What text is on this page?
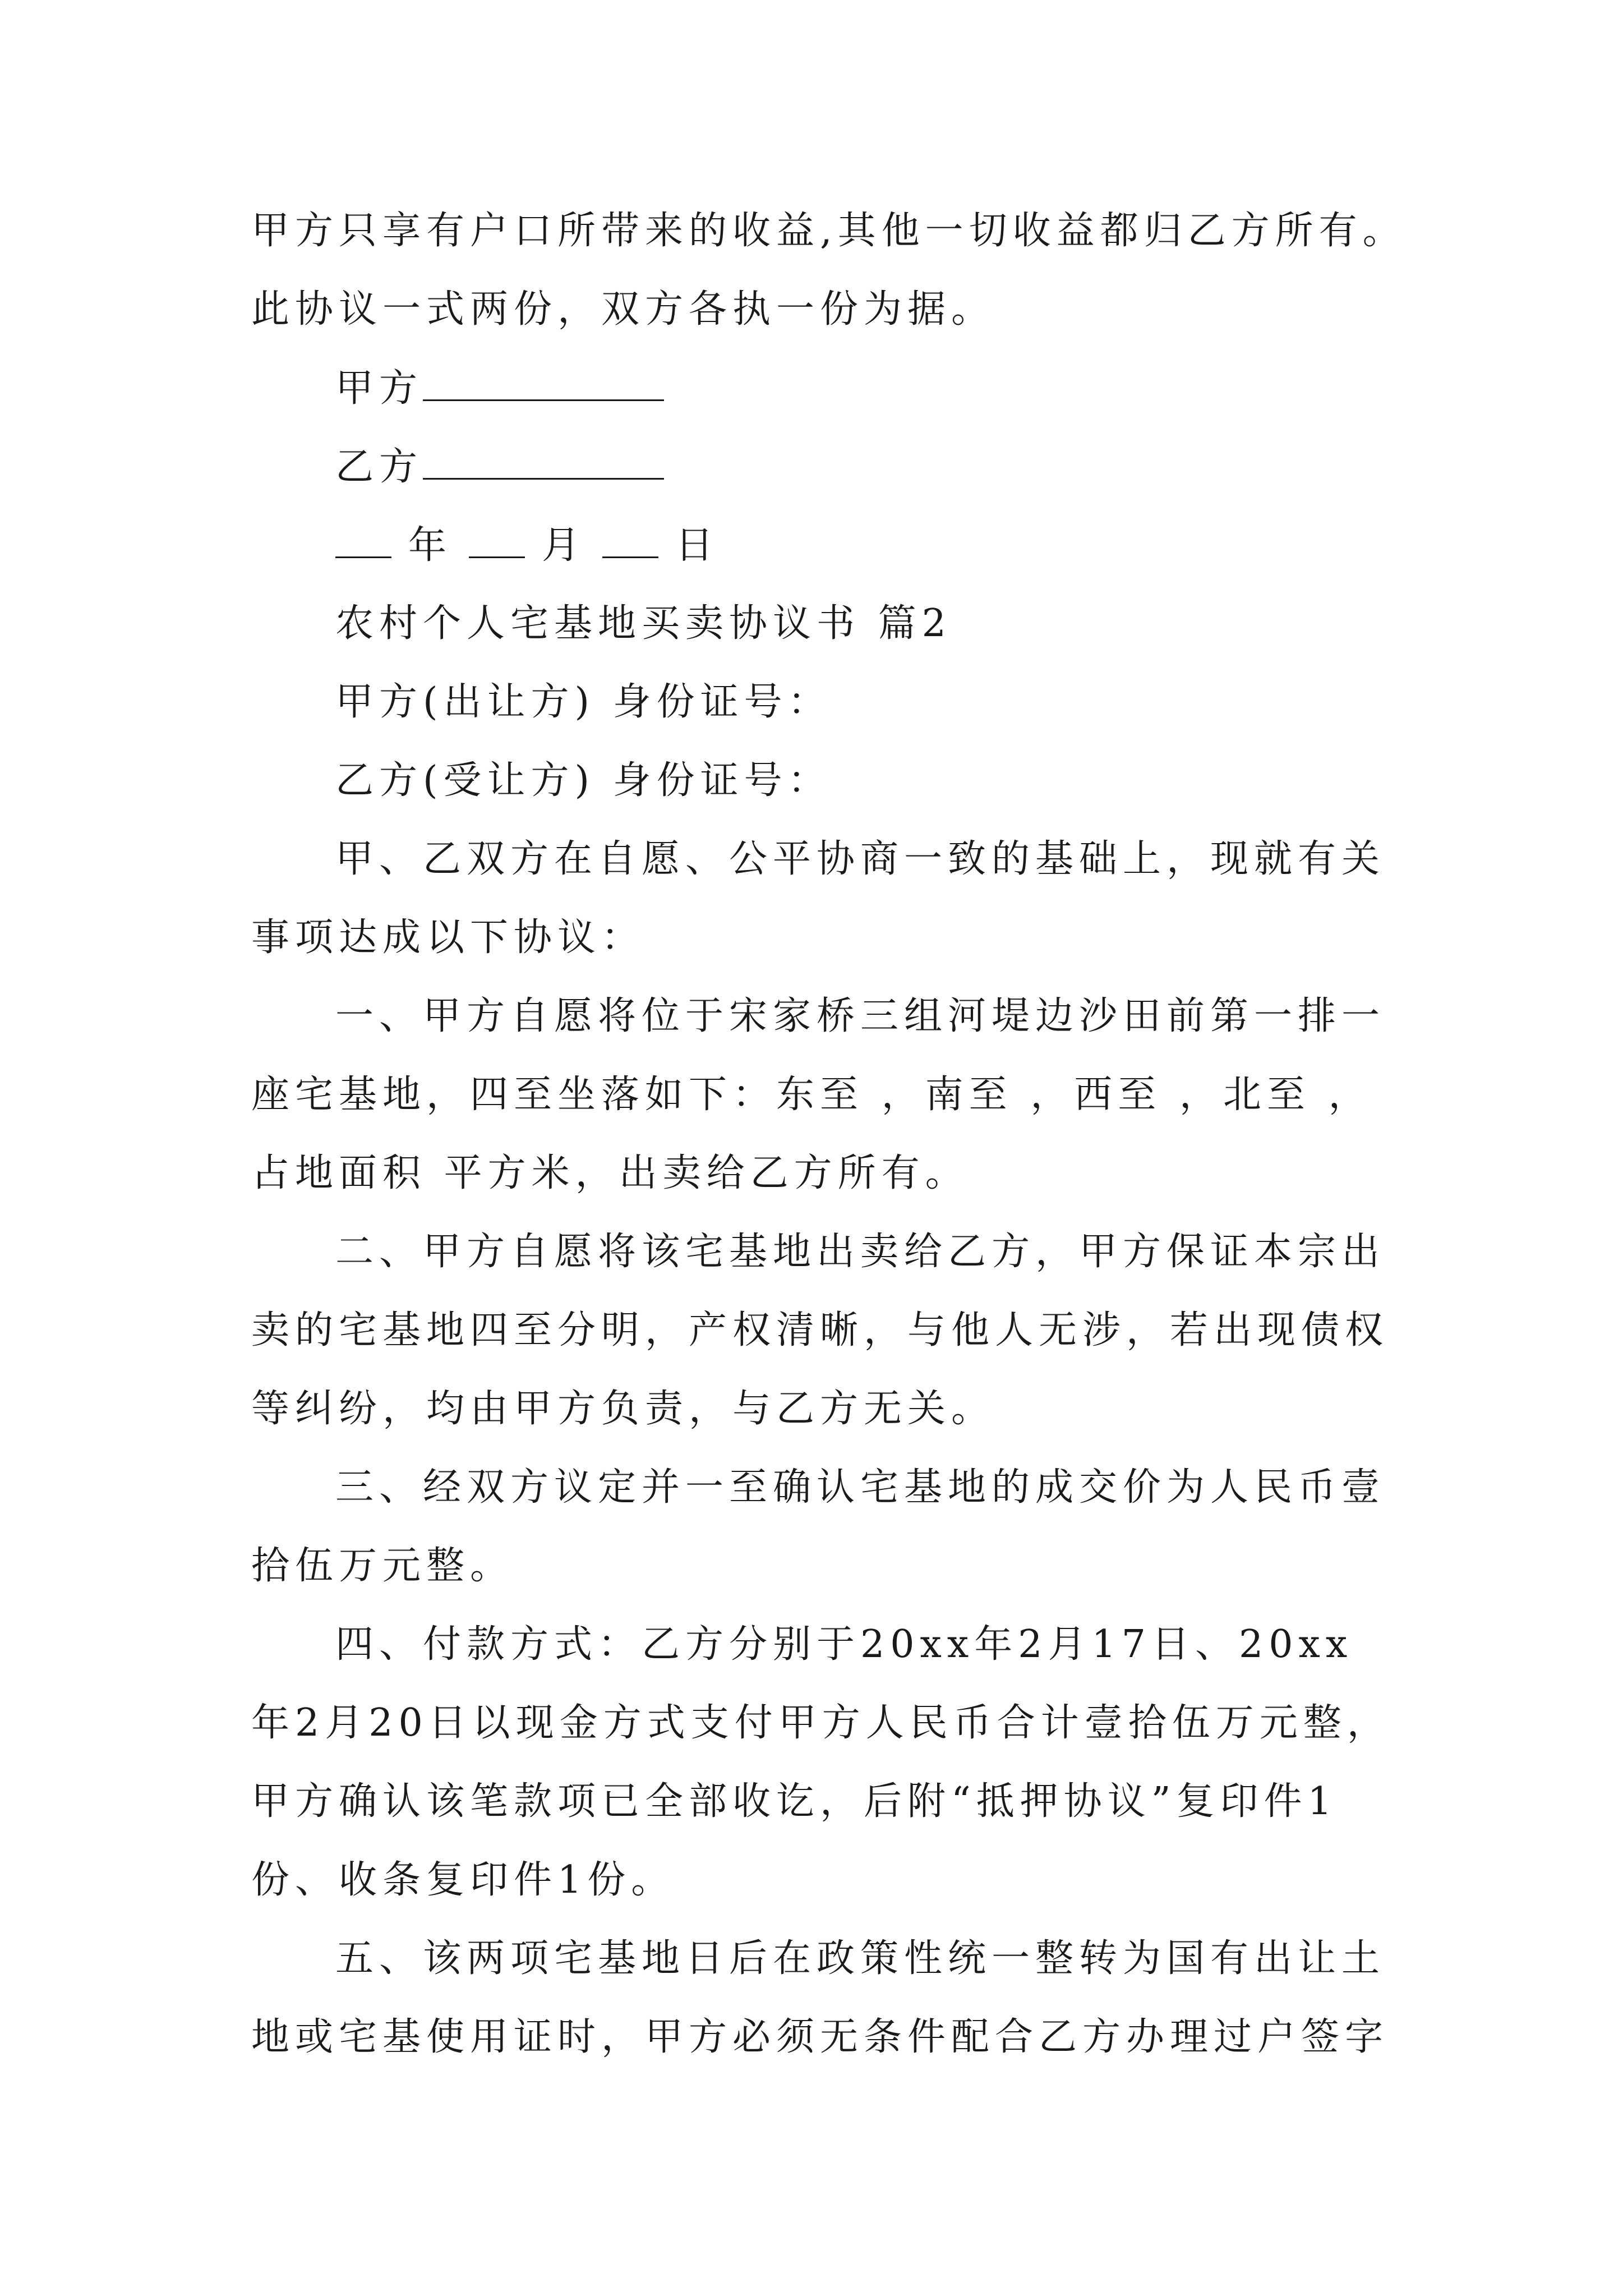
甲方只享有户口所带来的收益,其他一切收益都归乙方所有。
此协议一式两份，双方各执一份为据。
甲方
乙方
年 月 日
农村个人宅基地买卖协议书 篇2
甲方(出让方) 身份证号：
乙方(受让方) 身份证号：
甲、乙双方在自愿、公平协商一致的基础上，现就有关
事项达成以下协议：
一、甲方自愿将位于宋家桥三组河堤边沙田前第一排一
座宅基地，四至坐落如下：东至 ，南至 ，西至 ，北至 ，
占地面积 平方米，出卖给乙方所有。
二、甲方自愿将该宅基地出卖给乙方，甲方保证本宗出
卖的宅基地四至分明，产权清晰，与他人无涉，若出现债权
等纠纷，均由甲方负责，与乙方无关。
三、经双方议定并一至确认宅基地的成交价为人民币壹
拾伍万元整。
四、付款方式：乙方分别于20xx年2月17日、20xx
年2月20日以现金方式支付甲方人民币合计壹拾伍万元整，
甲方确认该笔款项已全部收讫，后附“抵押协议”复印件1
份、收条复印件1份。
五、该两项宅基地日后在政策性统一整转为国有出让土
地或宅基使用证时，甲方必须无条件配合乙方办理过户签字
